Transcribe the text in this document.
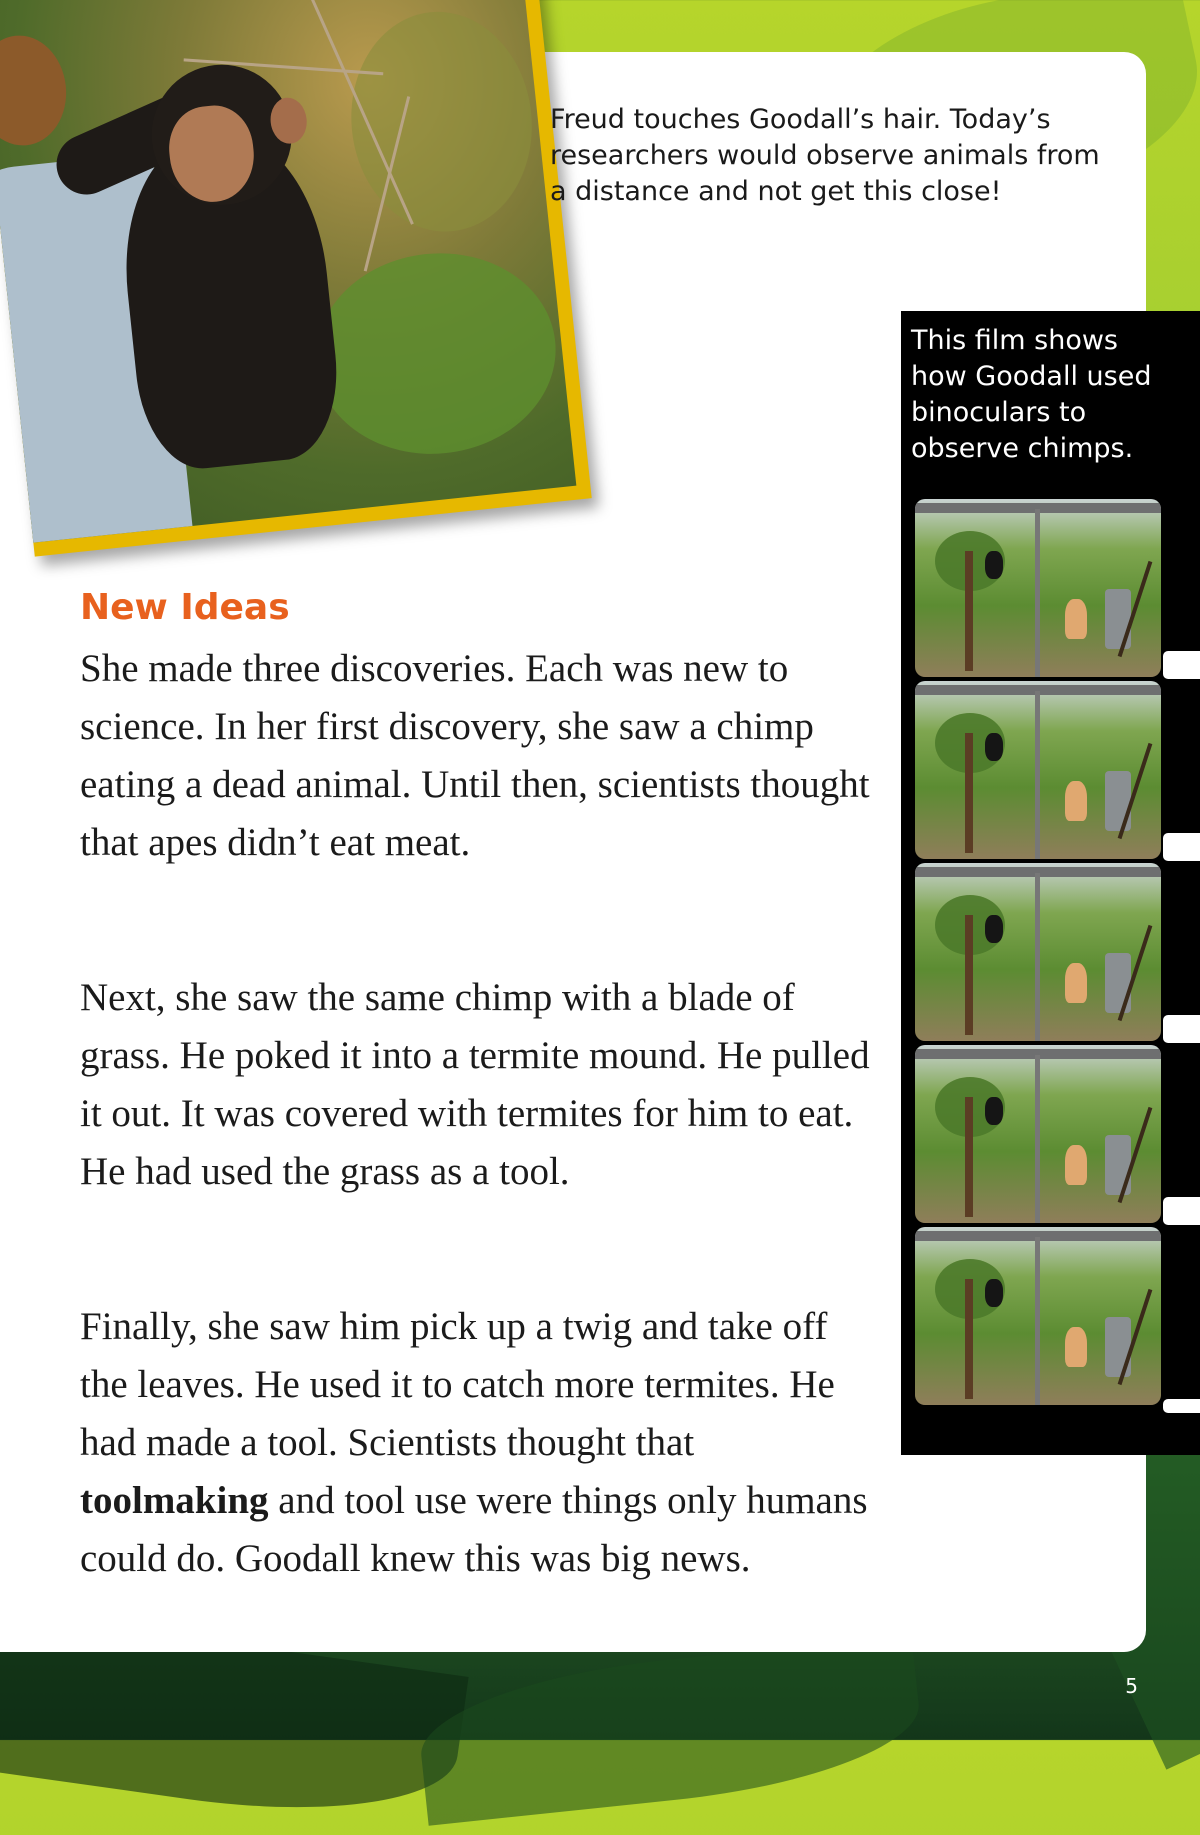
Freud touches Goodall’s hair. Today’s researchers would observe animals from a distance and not get this close!
This film shows how Goodall used binoculars to observe chimps.
New Ideas

She made three discoveries. Each was new to science. In her first discovery, she saw a chimp eating a dead animal. Until then, scientists thought that apes didn’t eat meat.

Next, she saw the same chimp with a blade of grass. He poked it into a termite mound. He pulled it out. It was covered with termites for him to eat. He had used the grass as a tool.

Finally, she saw him pick up a twig and take off the leaves. He used it to catch more termites. He had made a tool. Scientists thought that toolmaking and tool use were things only humans could do. Goodall knew this was big news.

5
